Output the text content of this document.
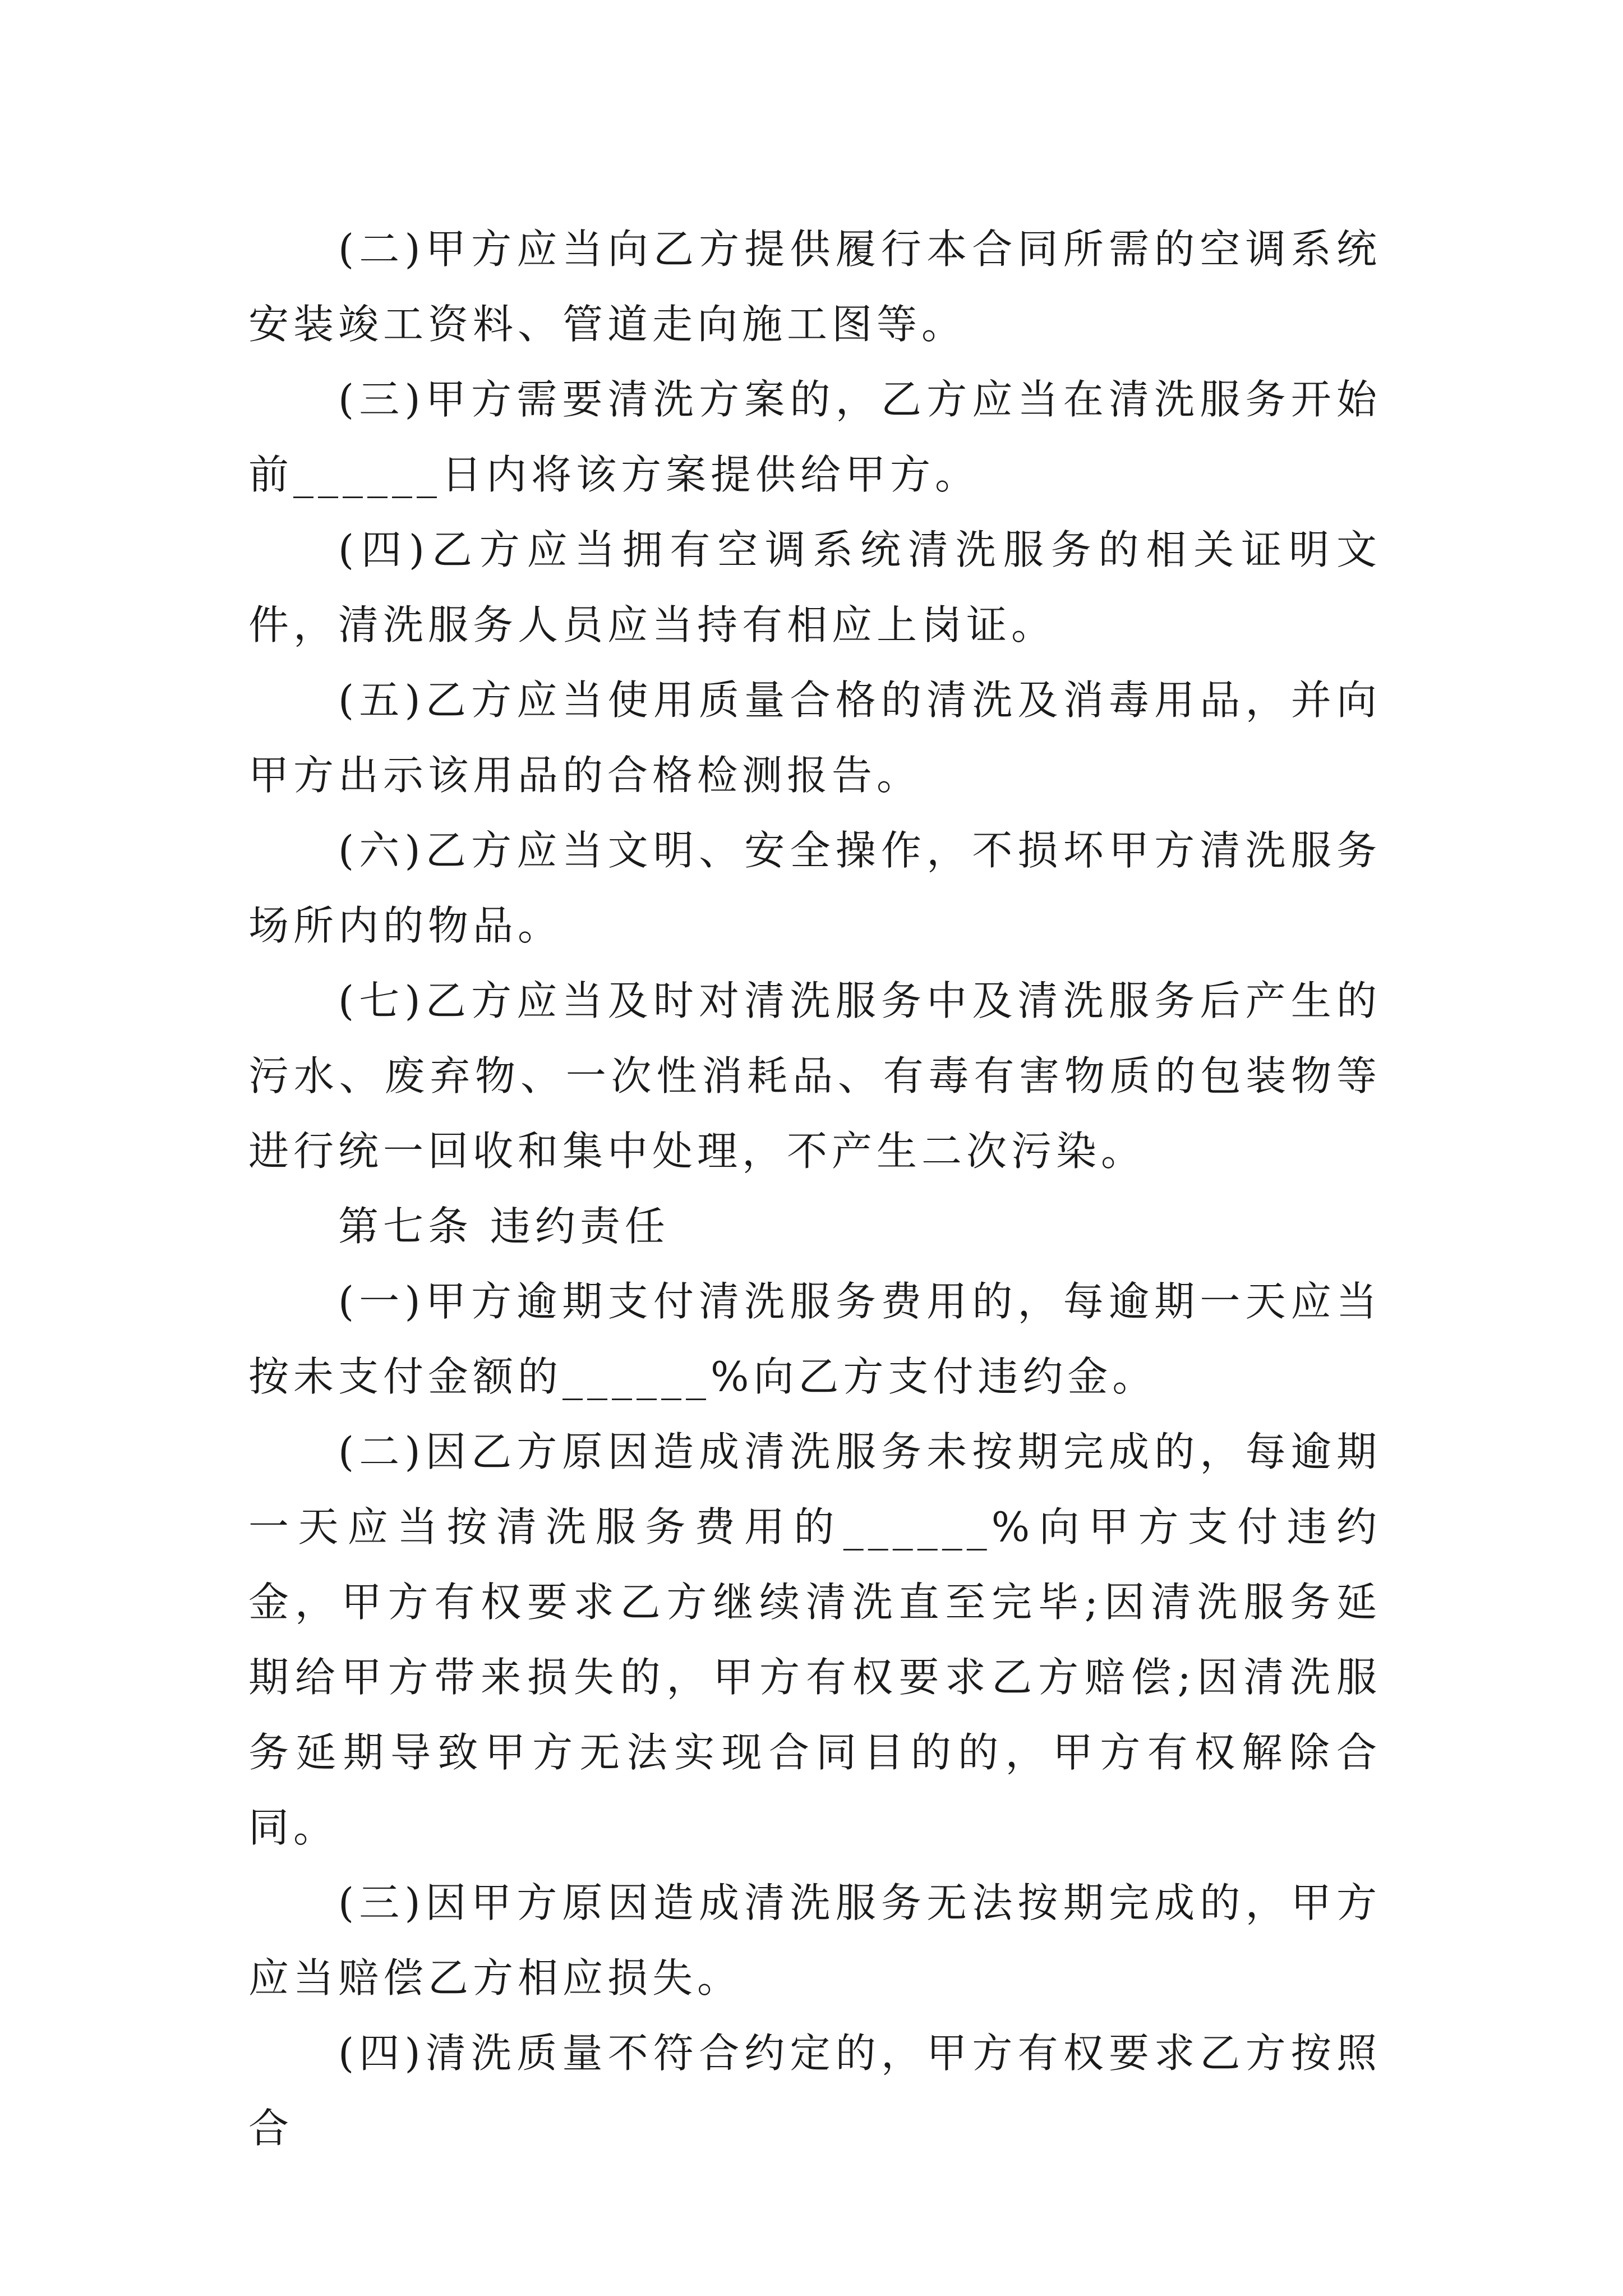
(二)甲方应当向乙方提供履行本合同所需的空调系统安装竣工资料、管道走向施工图等。

(三)甲方需要清洗方案的，乙方应当在清洗服务开始前______日内将该方案提供给甲方。

(四)乙方应当拥有空调系统清洗服务的相关证明文件，清洗服务人员应当持有相应上岗证。

(五)乙方应当使用质量合格的清洗及消毒用品，并向甲方出示该用品的合格检测报告。

(六)乙方应当文明、安全操作，不损坏甲方清洗服务场所内的物品。

(七)乙方应当及时对清洗服务中及清洗服务后产生的污水、废弃物、一次性消耗品、有毒有害物质的包装物等进行统一回收和集中处理，不产生二次污染。

第七条 违约责任

(一)甲方逾期支付清洗服务费用的，每逾期一天应当按未支付金额的______%向乙方支付违约金。

(二)因乙方原因造成清洗服务未按期完成的，每逾期一天应当按清洗服务费用的______%向甲方支付违约金，甲方有权要求乙方继续清洗直至完毕;因清洗服务延期给甲方带来损失的，甲方有权要求乙方赔偿;因清洗服务延期导致甲方无法实现合同目的的，甲方有权解除合同。

(三)因甲方原因造成清洗服务无法按期完成的，甲方应当赔偿乙方相应损失。

(四)清洗质量不符合约定的，甲方有权要求乙方按照合
